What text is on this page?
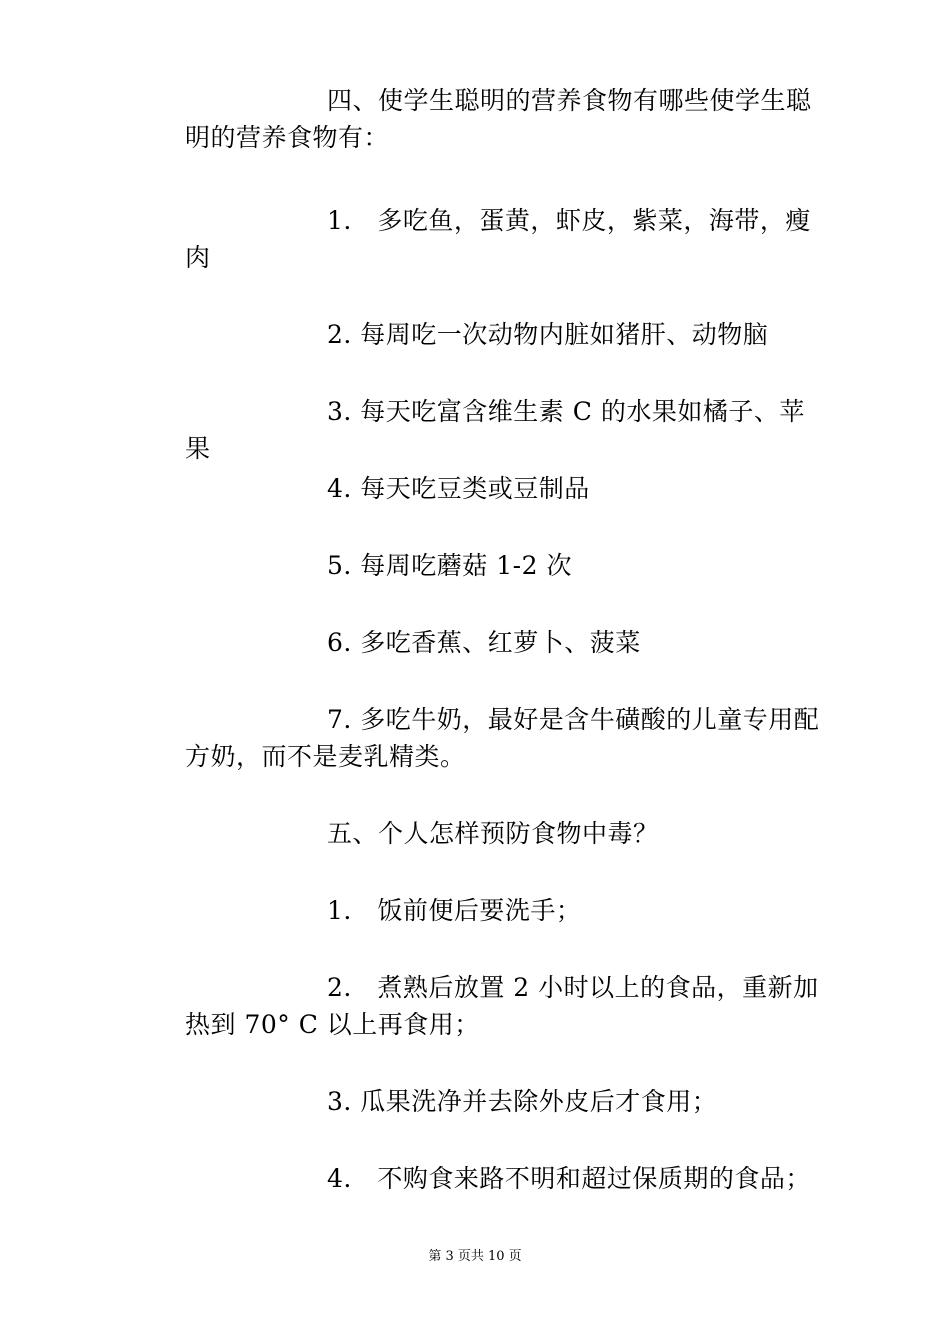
四、使学生聪明的营养食物有哪些使学生聪明的营养食物有：

1.　多吃鱼，蛋黄，虾皮，紫菜，海带，瘦肉

2. 每周吃一次动物内脏如猪肝、动物脑

3. 每天吃富含维生素 C 的水果如橘子、苹果

4. 每天吃豆类或豆制品

5. 每周吃蘑菇 1-2 次

6. 多吃香蕉、红萝卜、菠菜

7. 多吃牛奶，最好是含牛磺酸的儿童专用配方奶，而不是麦乳精类。

五、个人怎样预防食物中毒？

1.　饭前便后要洗手；

2.　煮熟后放置 2 小时以上的食品，重新加热到 70° C 以上再食用；

3. 瓜果洗净并去除外皮后才食用；

4.　不购食来路不明和超过保质期的食品；

第 3 页共 10 页
